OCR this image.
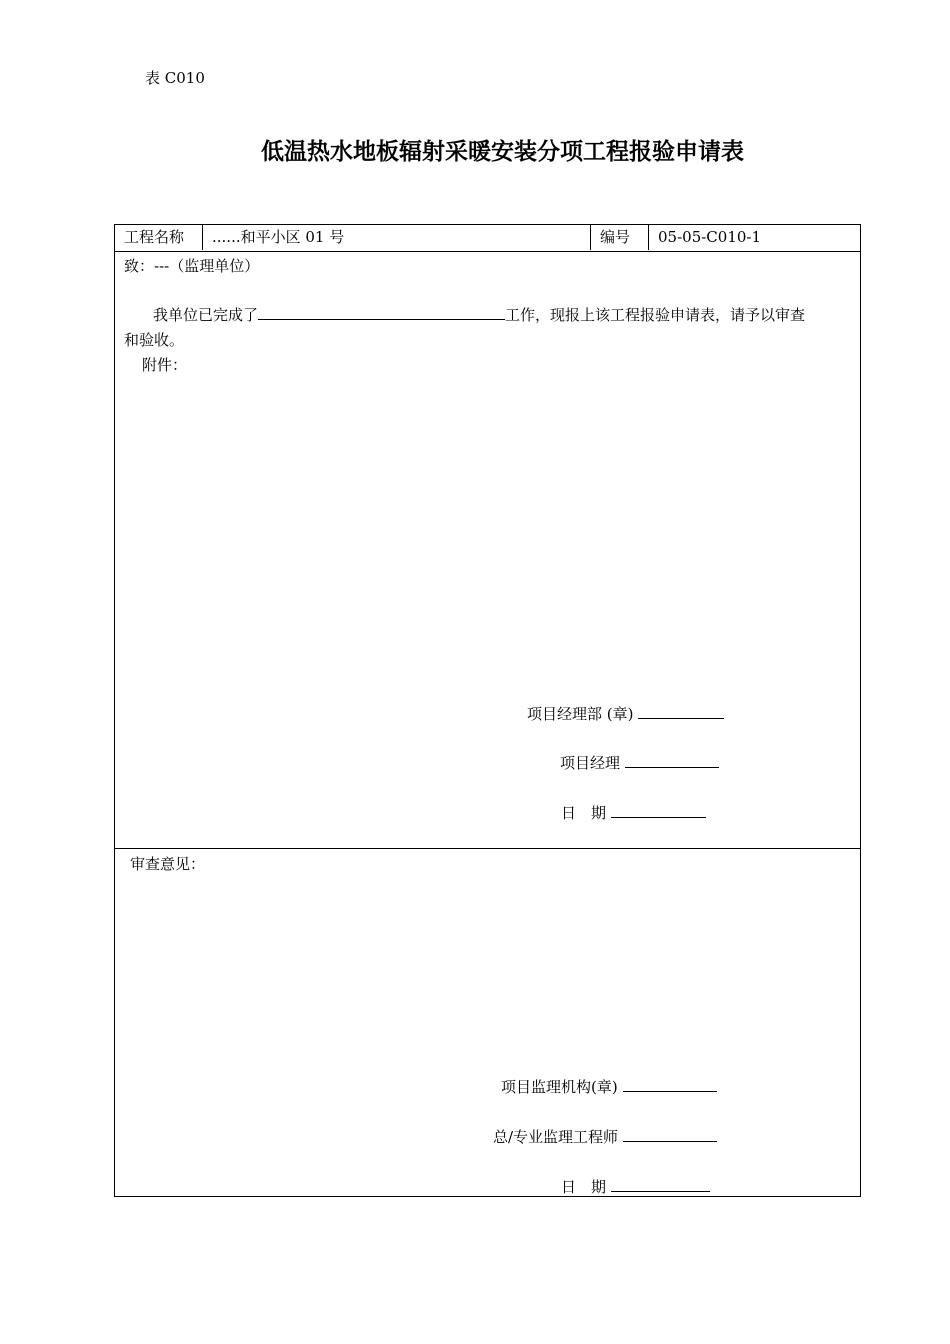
表 C010
低温热水地板辐射采暖安装分项工程报验申请表
工程名称	......和平小区 01 号	编号	05-05-C010-1
致：---（监理单位）
我单位已完成了	工作，现报上该工程报验申请表，请予以审查
和验收。
附件：
项目经理部 (章)
项目经理
日　期
审查意见：
项目监理机构(章)
总/专业监理工程师
日　期
